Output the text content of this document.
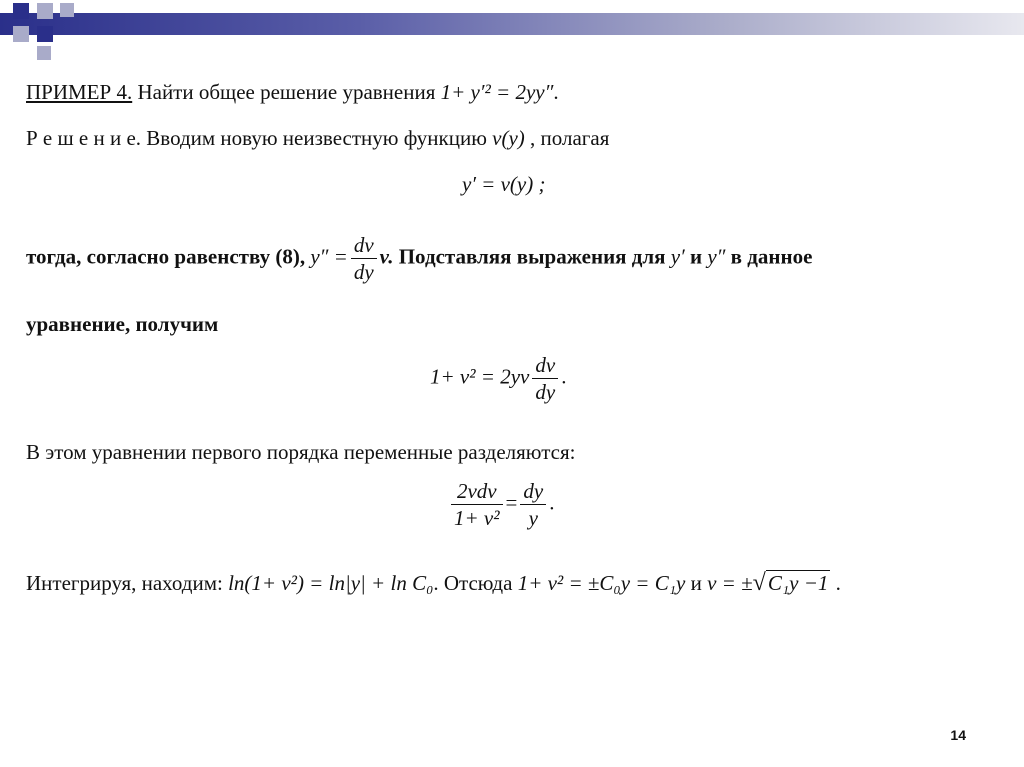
ПРИМЕР 4. Найти общее решение уравнения 1+ y′² = 2yy″.
Р е ш е н и е. Вводим новую неизвестную функцию v(y) , полагая
y′ = v(y) ;
тогда, согласно равенству (8), $y'' = \frac{dv}{dy} v$. Подставляя выражения для y′ и y″ в данное
уравнение, получим
$1+ v^2 = 2yv \frac{dv}{dy}$ .
В этом уравнении первого порядка переменные разделяются:
$\frac{\text{2vdv}}{\text{1+ v²}} = \frac{dy}{y}$ .
Интегрируя, находим: ln(1+ v²) = ln|y| + ln C₀. Отсюда 1+ v² = ±C₀y = C₁y и v = ±√C₁y −1 .
14
